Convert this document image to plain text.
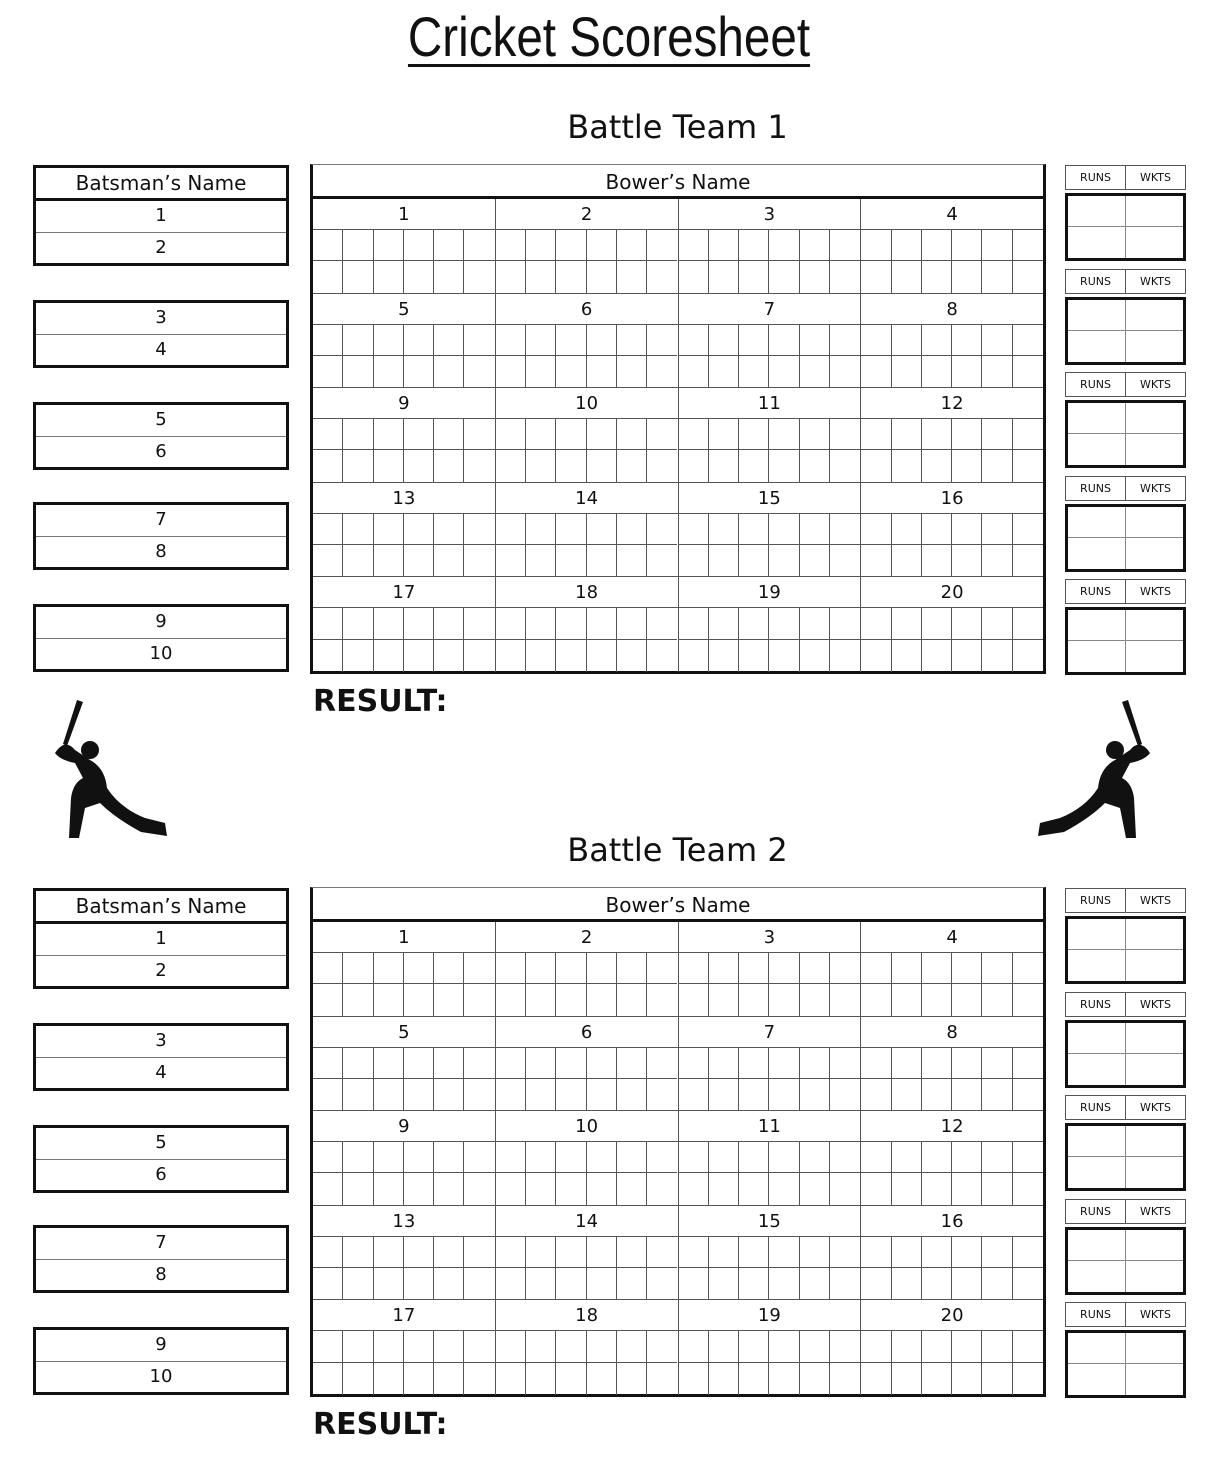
Cricket Scoresheet
Battle Team 1
Batsman’s Name
1
2
3
4
5
6
7
8
9
10
Bower’s Name
1	2	3	4
5	6	7	8
9	10	11	12
13	14	15	16
17	18	19	20
RUNS	WKTS
RUNS	WKTS
RUNS	WKTS
RUNS	WKTS
RUNS	WKTS
RESULT:
Battle Team 2
Batsman’s Name
1
2
3
4
5
6
7
8
9
10
Bower’s Name
1	2	3	4
5	6	7	8
9	10	11	12
13	14	15	16
17	18	19	20
RUNS	WKTS
RUNS	WKTS
RUNS	WKTS
RUNS	WKTS
RUNS	WKTS
RESULT:
